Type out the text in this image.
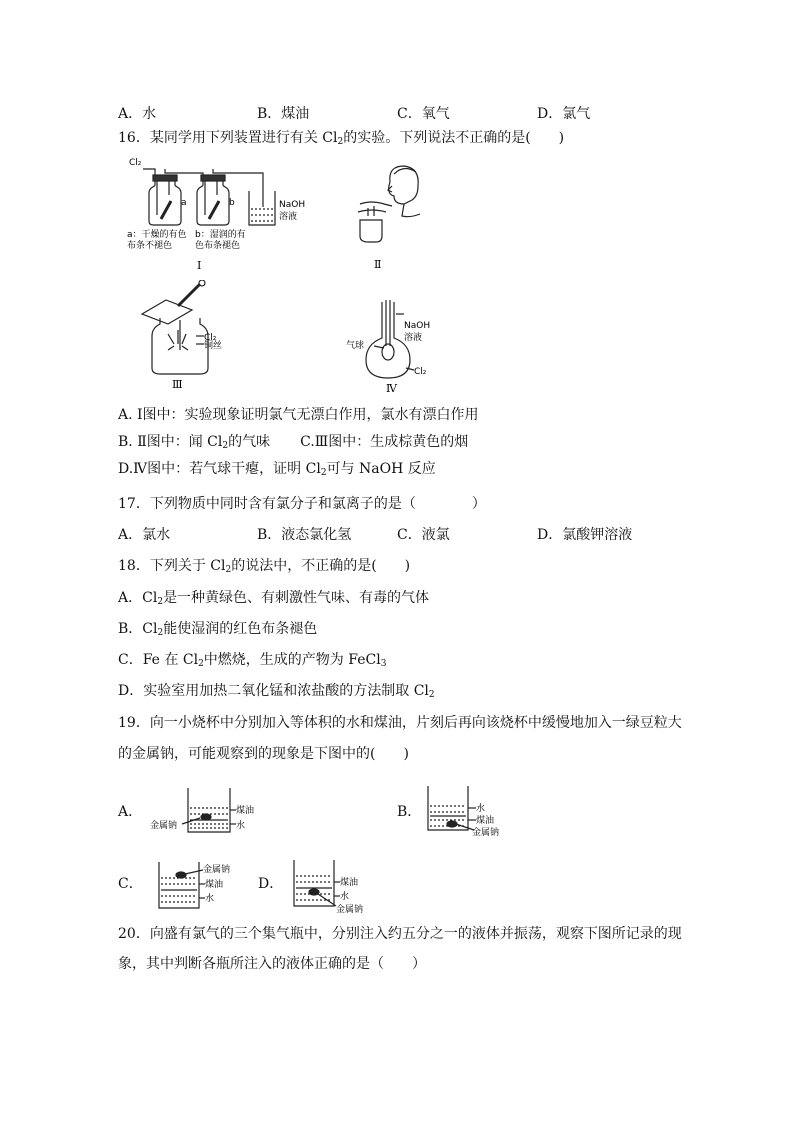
A．水	B．煤油	C．氧气	D．氯气
16．某同学用下列装置进行有关 $Cl_2$的实验。下列说法不正确的是(　　)
Cl₂
a	b	NaOH
溶液
a：干燥的有色
布条不褪色
b：湿润的有
色布条褪色
Ⅰ	Ⅱ
Cl₂
铜丝
Ⅲ
NaOH
溶液
气球
Cl₂
Ⅳ
A. Ⅰ图中：实验现象证明氯气无漂白作用，氯水有漂白作用
B. Ⅱ图中：闻 $Cl_2$的气味 C.Ⅲ图中：生成棕黄色的烟
D.Ⅳ图中：若气球干瘪，证明 $Cl_2$可与 NaOH 反应
17．下列物质中同时含有氯分子和氯离子的是（　　　　）
A．氯水	B．液态氯化氢	C．液氯	D．氯酸钾溶液
18．下列关于 $Cl_2$的说法中，不正确的是(　　)
A．$Cl_2$是一种黄绿色、有刺激性气味、有毒的气体
B．$Cl_2$能使湿润的红色布条褪色
C．Fe 在 $Cl_2$中燃烧，生成的产物为 FeCl$_3$
D．实验室用加热二氧化锰和浓盐酸的方法制取 $Cl_2$
19．向一小烧杯中分别加入等体积的水和煤油，片刻后再向该烧杯中缓慢地加入一绿豆粒大
的金属钠，可能观察到的现象是下图中的(　　)
A．	煤油
水
金属钠
B．	水
煤油
金属钠
C．
金属钠
煤油
水
D．	煤油
水
金属钠
20．向盛有氯气的三个集气瓶中，分别注入约五分之一的液体并振荡，观察下图所记录的现
象，其中判断各瓶所注入的液体正确的是（　　）
